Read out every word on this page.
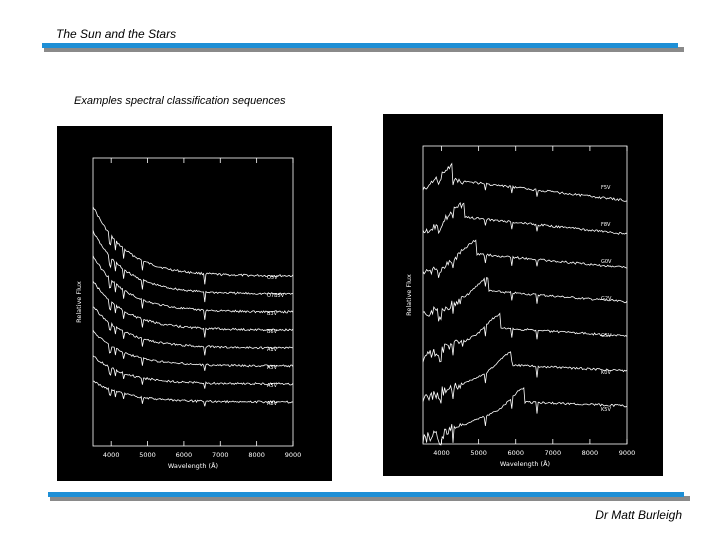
The Sun and the Stars
Examples spectral classification sequences
4000	5000	6000	7000	8000	9000
Wavelength (Å)
Relative Flux
O5V
O7B5V
B3V
B6V
A1V
A5V
A5V
A8V
4000	5000	6000	7000	8000	9000
Wavelength (Å)
Relative Flux
F5V
F8V
G0V
G2V
G5V
K0V
K5V
Dr Matt Burleigh
